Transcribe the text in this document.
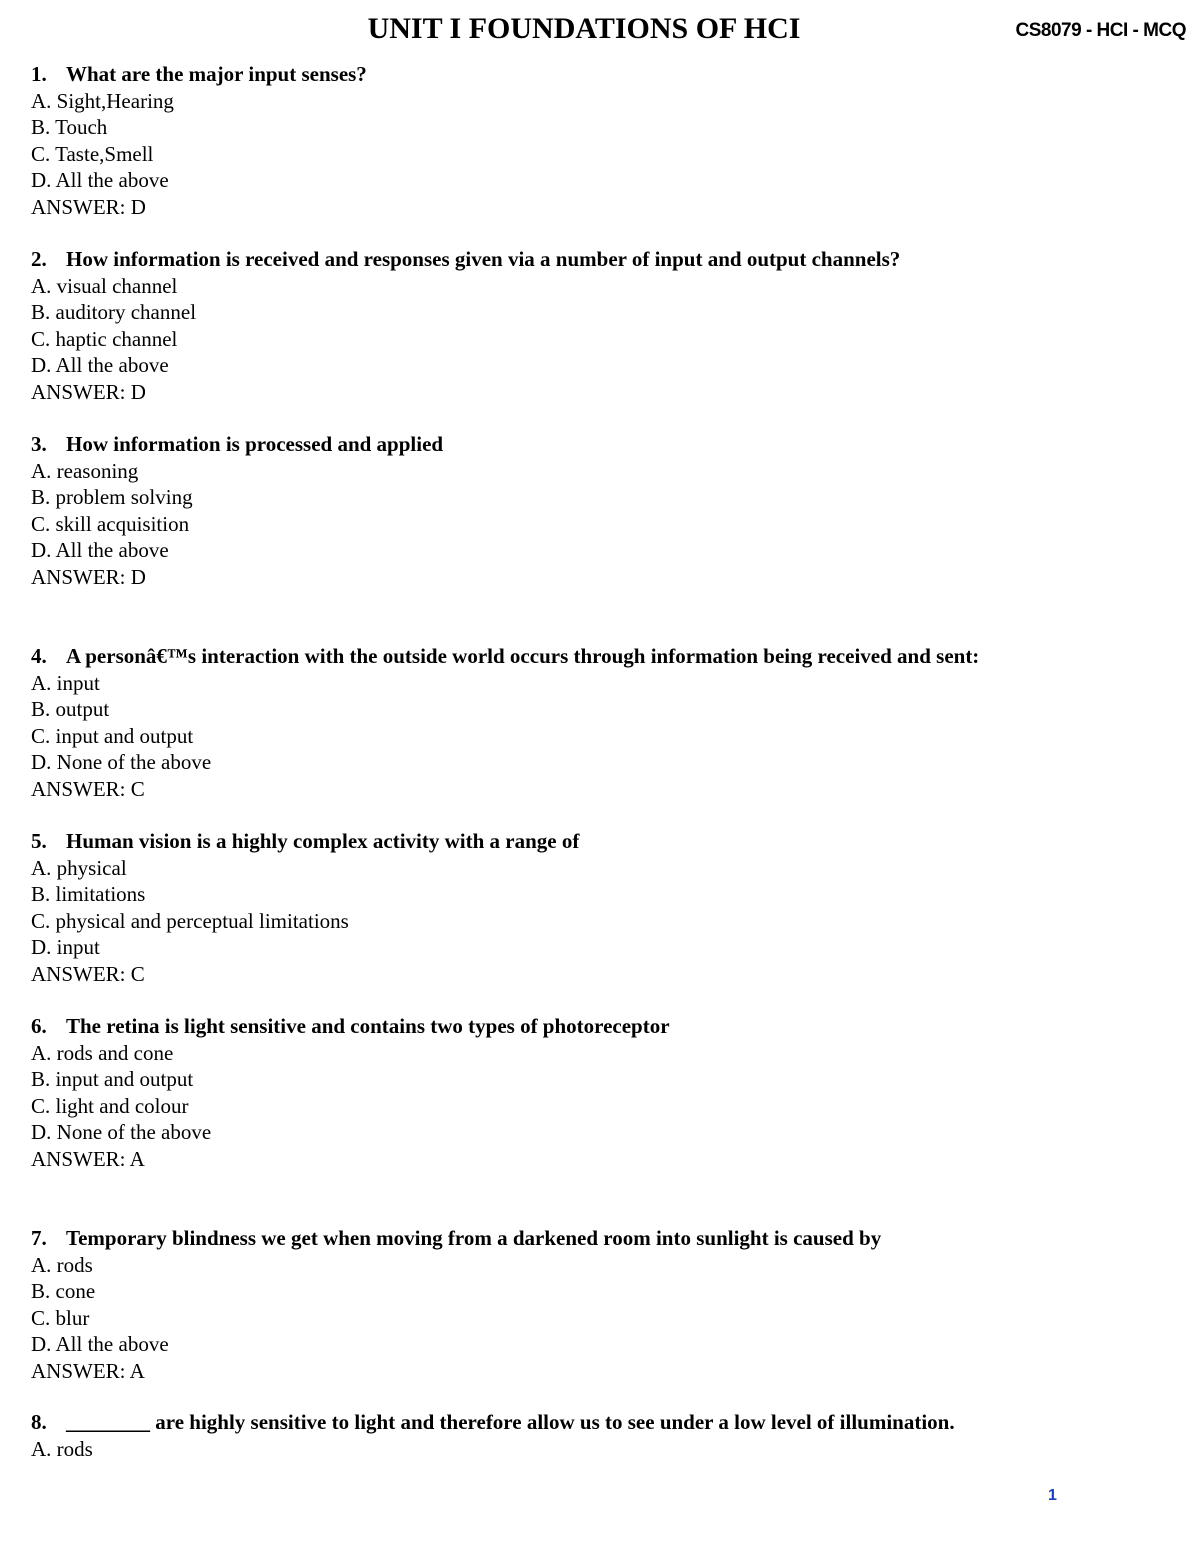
UNIT I FOUNDATIONS OF HCI	CS8079 - HCI - MCQ
1. What are the major input senses?
A. Sight,Hearing
B. Touch
C. Taste,Smell
D. All the above
ANSWER: D
2. How information is received and responses given via a number of input and output channels?
A. visual channel
B. auditory channel
C. haptic channel
D. All the above
ANSWER: D
3. How information is processed and applied
A. reasoning
B. problem solving
C. skill acquisition
D. All the above
ANSWER: D
4. A personâ€™s interaction with the outside world occurs through information being received and sent:
A. input
B. output
C. input and output
D. None of the above
ANSWER: C
5. Human vision is a highly complex activity with a range of
A. physical
B. limitations
C. physical and perceptual limitations
D. input
ANSWER: C
6. The retina is light sensitive and contains two types of photoreceptor
A. rods and cone
B. input and output
C. light and colour
D. None of the above
ANSWER: A
7. Temporary blindness we get when moving from a darkened room into sunlight is caused by
A. rods
B. cone
C. blur
D. All the above
ANSWER: A
8. ________ are highly sensitive to light and therefore allow us to see under a low level of illumination.
A. rods
1
